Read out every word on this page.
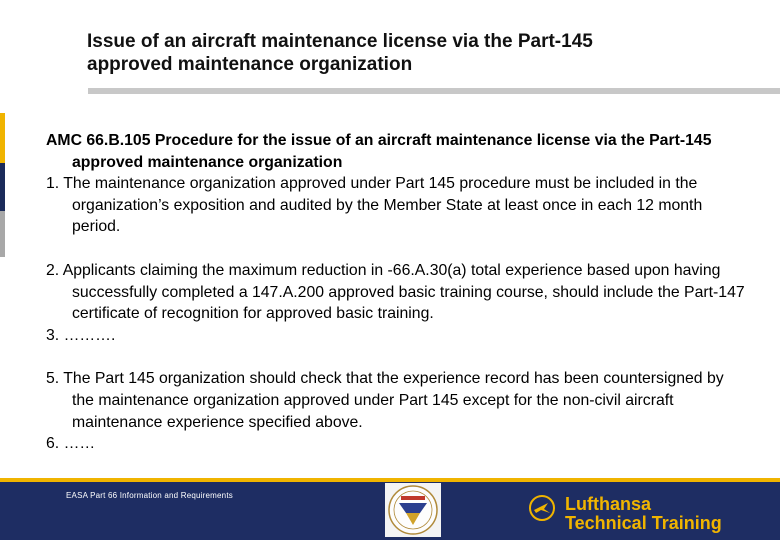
Issue of an aircraft maintenance license via the Part-145
approved maintenance organization

AMC 66.B.105 Procedure for the issue of an aircraft maintenance license via the Part-145 approved maintenance organization

1. The maintenance organization approved under Part 145 procedure must be included in the organization’s exposition and audited by the Member State at least once in each 12 month period.

2. Applicants claiming the maximum reduction in -66.A.30(a) total experience based upon having successfully completed a 147.A.200 approved basic training course, should include the Part-147 certificate of recognition for approved basic training.

3. ……….

5. The Part 145 organization should check that the experience record has been countersigned by the maintenance organization approved under Part 145 except for the non-civil aircraft maintenance experience specified above.

6. ……

EASA Part 66 Information and Requirements	Lufthansa
Technical Training
